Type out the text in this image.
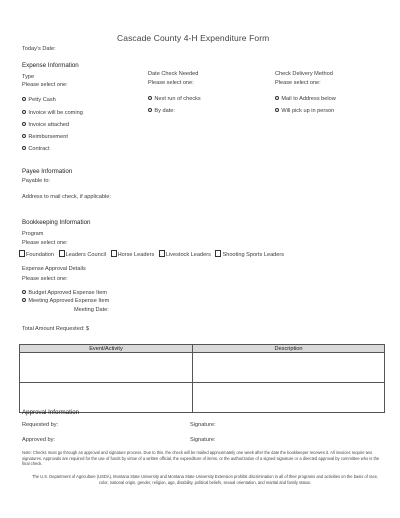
Cascade County 4-H Expenditure Form
Today's Date:
Expense Information
Type
Please select one:
Petty Cash
Invoice will be coming
Invoice attached
Reimbursement
Contract
Date Check Needed
Please select one:
Next run of checks
By date:
Check Delivery Method
Please select one:
Mail to Address below
Will pick up in person
Payee Information
Payable to:
Address to mail check, if applicable:
Bookkeeping Information
Program
Please select one:
Foundation Leaders Council Horse Leaders Livestock Leaders Shooting Sports Leaders
Expense Approval Details
Please select one:
Budget Approved Expense Item
Meeting Approved Expense Item
Meeting Date:
Total Amount Requested: $
Event/Activity	Description

Approval Information
Requested by:	Signature:
Approved by:	Signature:
Note: Checks must go through an approval and signature process. Due to this, the check will be mailed approximately one week after the date the bookkeeper receives it. All invoices require two signatures. Approvals are required for the use of funds by virtue of a written official, the expenditure of items, or the authorization of a signed signature or a directed approval by committee who is the final check.
The U.S. Department of Agriculture (USDA), Montana State University and Montana State University Extension prohibit discrimination in all of their programs and activities on the basis of race, color, national origin, gender, religion, age, disability, political beliefs, sexual orientation, and marital and family status.
